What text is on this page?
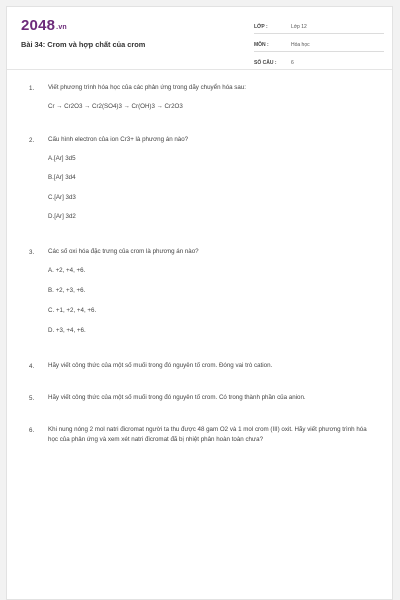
2048.vn
Bài 34: Crom và hợp chất của crom
LỚP :	Lớp 12
MÔN :	Hóa học
SỐ CÂU :	6
1. Viết phương trình hóa học của các phản ứng trong dãy chuyển hóa sau:
Cr → Cr2O3 → Cr2(SO4)3 → Cr(OH)3 → Cr2O3
2. Cấu hình electron của ion Cr3+ là phương án nào?
A.[Ar] 3d5
B.[Ar] 3d4
C.[Ar] 3d3
D.[Ar] 3d2
3. Các số oxi hóa đặc trưng của crom là phương án nào?
A. +2, +4, +6.
B. +2, +3, +6.
C. +1, +2, +4, +6.
D. +3, +4, +6.
4. Hãy viết công thức của một số muối trong đó nguyên tố crom. Đóng vai trò cation.
5. Hãy viết công thức của một số muối trong đó nguyên tố crom. Có trong thành phần của anion.
6. Khi nung nóng 2 mol natri đicromat người ta thu được 48 gam O2 và 1 mol crom (III) oxit. Hãy viết phương trình hóa học của phản ứng và xem xét natri đicromat đã bị nhiệt phân hoàn toàn chưa?
